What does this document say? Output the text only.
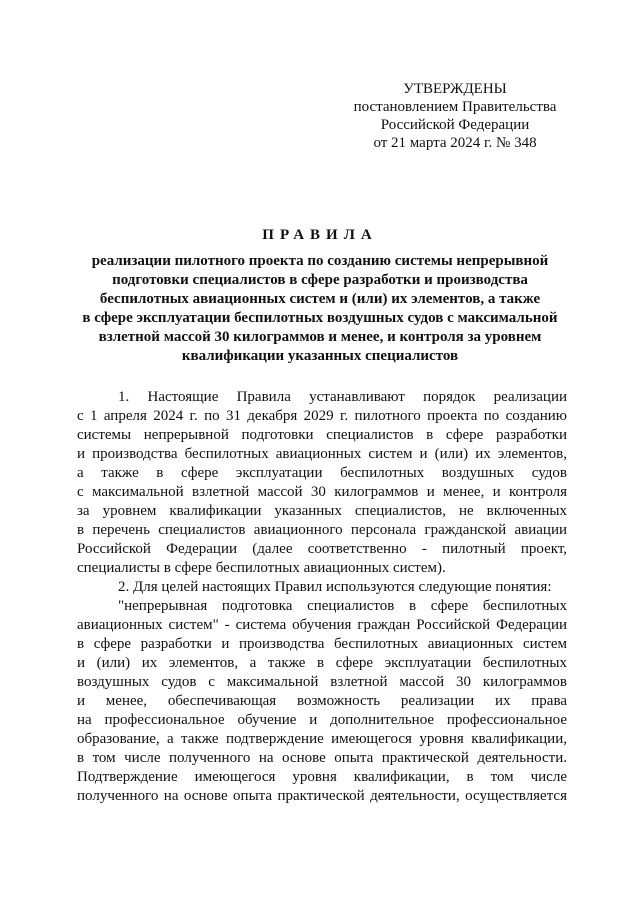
УТВЕРЖДЕНЫ
постановлением Правительства
Российской Федерации
от 21 марта 2024 г. № 348
ПРАВИЛА
реализации пилотного проекта по созданию системы непрерывной
подготовки специалистов в сфере разработки и производства
беспилотных авиационных систем и (или) их элементов, а также
в сфере эксплуатации беспилотных воздушных судов с максимальной
взлетной массой 30 килограммов и менее, и контроля за уровнем
квалификации указанных специалистов
1. Настоящие Правила устанавливают порядок реализации
с 1 апреля 2024 г. по 31 декабря 2029 г. пилотного проекта по созданию
системы непрерывной подготовки специалистов в сфере разработки
и производства беспилотных авиационных систем и (или) их элементов,
а также в сфере эксплуатации беспилотных воздушных судов
с максимальной взлетной массой 30 килограммов и менее, и контроля
за уровнем квалификации указанных специалистов, не включенных
в перечень специалистов авиационного персонала гражданской авиации
Российской Федерации (далее соответственно - пилотный проект,
специалисты в сфере беспилотных авиационных систем).
2. Для целей настоящих Правил используются следующие понятия:
"непрерывная подготовка специалистов в сфере беспилотных
авиационных систем" - система обучения граждан Российской Федерации
в сфере разработки и производства беспилотных авиационных систем
и (или) их элементов, а также в сфере эксплуатации беспилотных
воздушных судов с максимальной взлетной массой 30 килограммов
и менее, обеспечивающая возможность реализации их права
на профессиональное обучение и дополнительное профессиональное
образование, а также подтверждение имеющегося уровня квалификации,
в том числе полученного на основе опыта практической деятельности.
Подтверждение имеющегося уровня квалификации, в том числе
полученного на основе опыта практической деятельности, осуществляется
